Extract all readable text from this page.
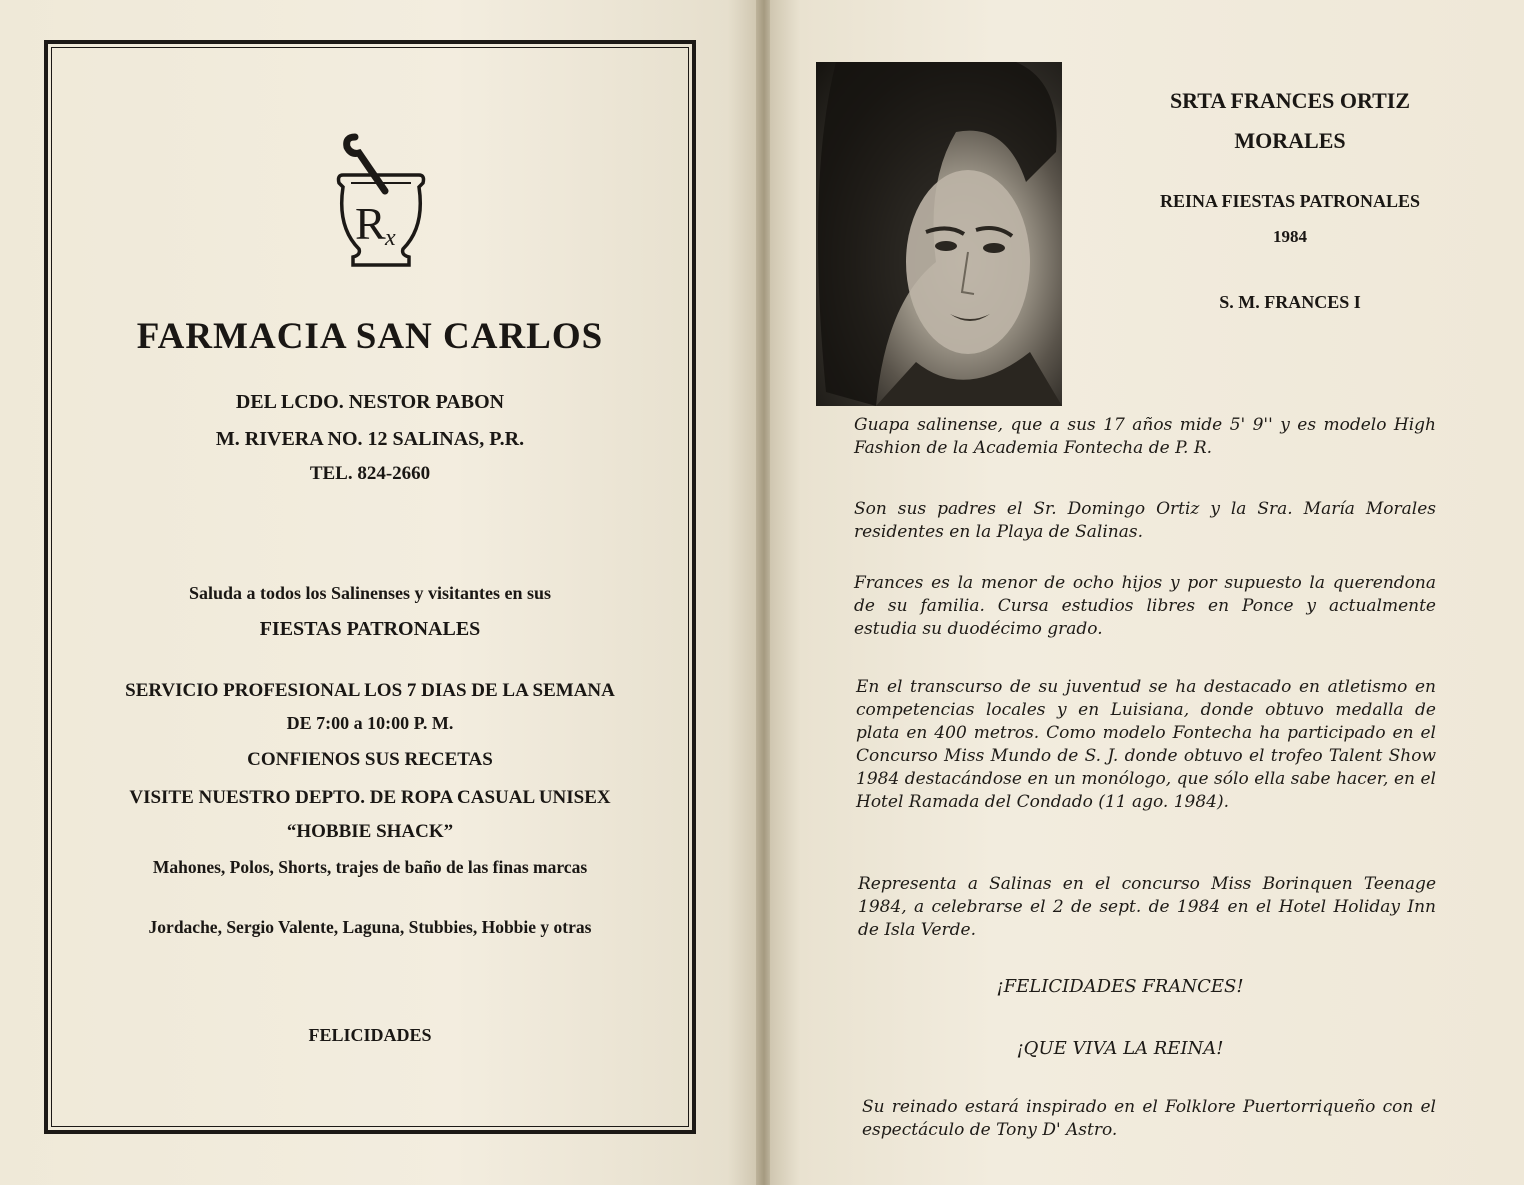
R x
FARMACIA SAN CARLOS
DEL LCDO. NESTOR PABON
M. RIVERA NO. 12 SALINAS, P.R.
TEL. 824-2660
Saluda a todos los Salinenses y visitantes en sus
FIESTAS PATRONALES
SERVICIO PROFESIONAL LOS 7 DIAS DE LA SEMANA
DE 7:00 a 10:00 P. M.
CONFIENOS SUS RECETAS
VISITE NUESTRO DEPTO. DE ROPA CASUAL UNISEX
“HOBBIE SHACK”
Mahones, Polos, Shorts, trajes de baño de las finas marcas
Jordache, Sergio Valente, Laguna, Stubbies, Hobbie y otras
FELICIDADES
SRTA FRANCES ORTIZ
MORALES
REINA FIESTAS PATRONALES
1984
S. M. FRANCES I
Guapa salinense, que a sus 17 años mide 5' 9'' y es modelo High Fashion de la Academia Fontecha de P. R.
Son sus padres el Sr. Domingo Ortiz y la Sra. María Morales residentes en la Playa de Salinas.
Frances es la menor de ocho hijos y por supuesto la querendona de su familia. Cursa estudios libres en Ponce y actualmente estudia su duodécimo grado.
En el transcurso de su juventud se ha destacado en atletismo en competencias locales y en Luisiana, donde obtuvo medalla de plata en 400 metros. Como modelo Fontecha ha participado en el Concurso Miss Mundo de S. J. donde obtuvo el trofeo Talent Show 1984 destacándose en un monólogo, que sólo ella sabe hacer, en el Hotel Ramada del Condado (11 ago. 1984).
Representa a Salinas en el concurso Miss Borinquen Teenage 1984, a celebrarse el 2 de sept. de 1984 en el Hotel Holiday Inn de Isla Verde.
¡FELICIDADES FRANCES!
¡QUE VIVA LA REINA!
Su reinado estará inspirado en el Folklore Puertorriqueño con el espectáculo de Tony D' Astro.
